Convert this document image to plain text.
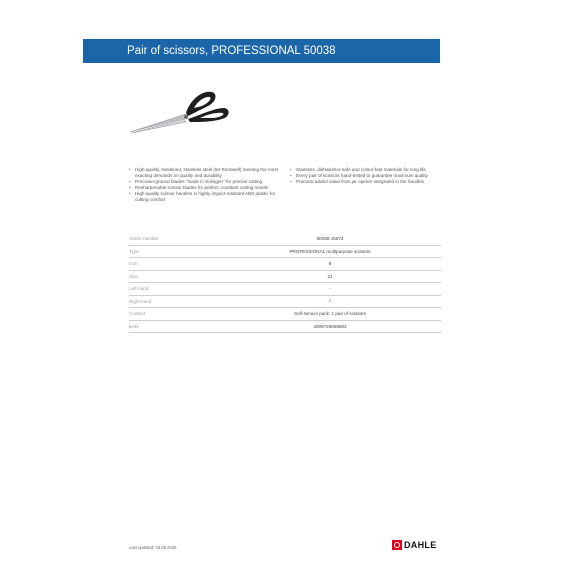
Pair of scissors, PROFESSIONAL 50038
• High-quality, hardened, stainless steel (54 Rockwell) meeting the most exacting demands on quality and durability
• Precision-ground blades "made in Solingen" for precise cutting
• Resharpenable scissor blades for perfect, constant cutting results
• High-quality scissor handles in highly impact-resistant ABS plastic for cutting comfort
• Stainless, dishwasher-safe and colour-fast materials for long life
• Every pair of scissors hand-tested to guarantee maximum quality
• Practical added value from jar opener integrated in the handles
Article number	50038-15574
Type	PROFESSIONAL multipurpose scissors
Inch	8
Size	21
Left-hand	-
Right-hand	✓
Content	Self-service pack: 1 pair of scissors
EAN	4009729069803
Last updated: 03.06.2025	DAHLE
